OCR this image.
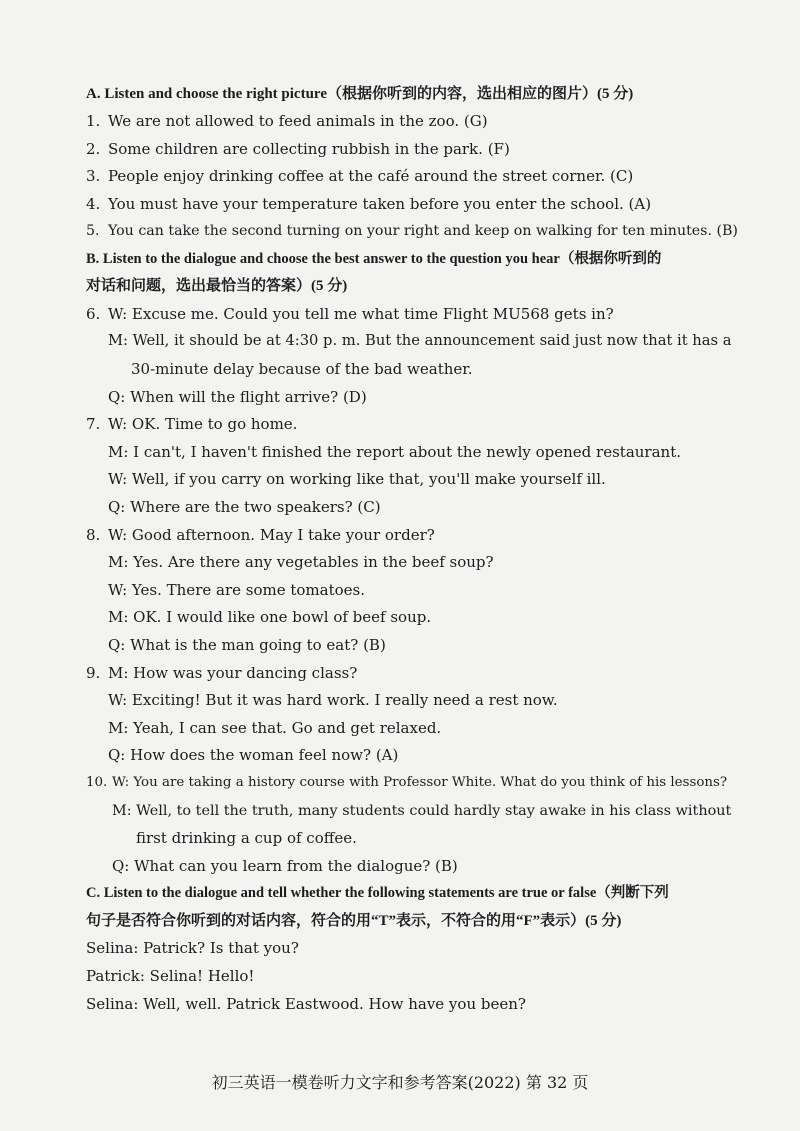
A. Listen and choose the right picture（根据你听到的内容，选出相应的图片）(5 分)
1. We are not allowed to feed animals in the zoo. (G)
2. Some children are collecting rubbish in the park. (F)
3. People enjoy drinking coffee at the café around the street corner. (C)
4. You must have your temperature taken before you enter the school. (A)
5. You can take the second turning on your right and keep on walking for ten minutes. (B)
B. Listen to the dialogue and choose the best answer to the question you hear（根据你听到的
对话和问题，选出最恰当的答案）(5 分)
6. W: Excuse me. Could you tell me what time Flight MU568 gets in?
M: Well, it should be at 4:30 p. m. But the announcement said just now that it has a
30-minute delay because of the bad weather.
Q: When will the flight arrive? (D)
7. W: OK. Time to go home.
M: I can't, I haven't finished the report about the newly opened restaurant.
W: Well, if you carry on working like that, you'll make yourself ill.
Q: Where are the two speakers? (C)
8. W: Good afternoon. May I take your order?
M: Yes. Are there any vegetables in the beef soup?
W: Yes. There are some tomatoes.
M: OK. I would like one bowl of beef soup.
Q: What is the man going to eat? (B)
9. M: How was your dancing class?
W: Exciting! But it was hard work. I really need a rest now.
M: Yeah, I can see that. Go and get relaxed.
Q: How does the woman feel now? (A)
10. W: You are taking a history course with Professor White. What do you think of his lessons?
M: Well, to tell the truth, many students could hardly stay awake in his class without
first drinking a cup of coffee.
Q: What can you learn from the dialogue? (B)
C. Listen to the dialogue and tell whether the following statements are true or false（判断下列
句子是否符合你听到的对话内容，符合的用“T”表示，不符合的用“F”表示）(5 分)
Selina: Patrick? Is that you?
Patrick: Selina! Hello!
Selina: Well, well. Patrick Eastwood. How have you been?
初三英语一模卷听力文字和参考答案(2022) 第 32 页
